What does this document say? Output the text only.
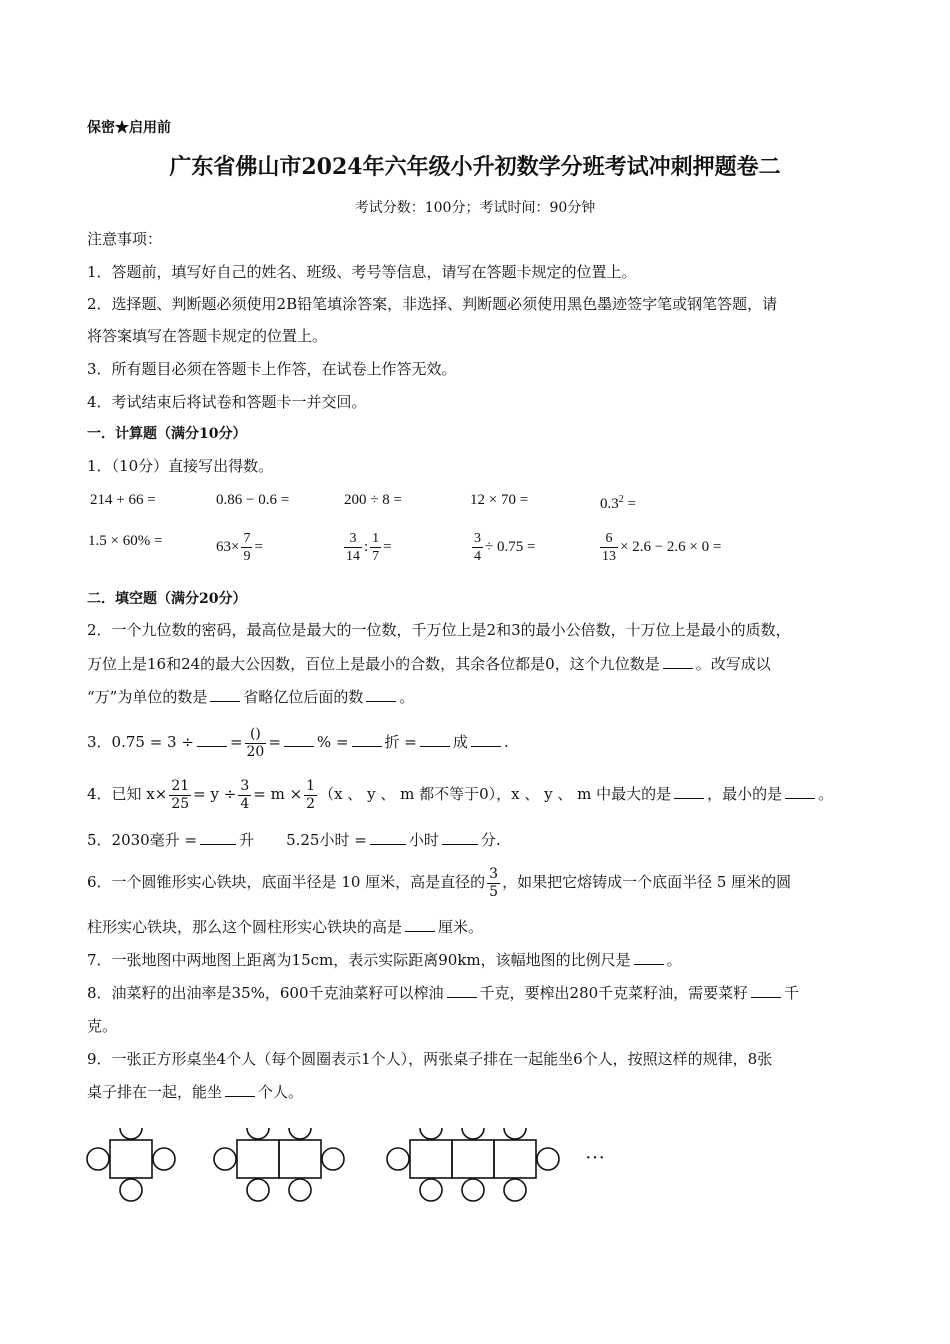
保密★启用前
广东省佛山市2024年六年级小升初数学分班考试冲刺押题卷二
考试分数：100分；考试时间：90分钟
注意事项：
1．答题前，填写好自己的姓名、班级、考号等信息，请写在答题卡规定的位置上。
2．选择题、判断题必须使用2B铅笔填涂答案，非选择、判断题必须使用黑色墨迹签字笔或钢笔答题，请
将答案填写在答题卡规定的位置上。
3．所有题目必须在答题卡上作答，在试卷上作答无效。
4．考试结束后将试卷和答题卡一并交回。
一．计算题（满分10分）
1．（10分）直接写出得数。
214 + 66 =	0.86 − 0.6 =	200 ÷ 8 =	12 × 70 =	$0.3^2$ =
1.5 × 60% =	$63\times \frac{7}{9}$ =	$\frac{3}{14}$ : $\frac{1}{7}$ =	$\frac{3}{4} \div 0.75$ =	$\frac{6}{13} \times 2.6 - 2.6 \times 0$ =
二．填空题（满分20分）
2．一个九位数的密码，最高位是最大的一位数，千万位上是2和3的最小公倍数，十万位上是最小的质数，
万位上是16和24的最大公因数，百位上是最小的合数，其余各位都是0，这个九位数是 。改写成以
“万”为单位的数是 省略亿位后面的数 。
3．0.75 = 3 ÷ = $\frac{()}{20}$ = % = 折 = 成 .
4．已知 $x\times \frac{21}{25} = y \div \frac{3}{4} = m \times \frac{1}{2} (x$ 、 y 、 m 都不等于0），x 、 y 、 m 中最大的是 ，最小的是 。
5．2030毫升 =	升 5.25小时 =	小时	分.
6．一个圆锥形实心铁块，底面半径是 10 厘米，高是直径的 $\frac{3}{5}$ ，如果把它熔铸成一个底面半径 5 厘米的圆
柱形实心铁块，那么这个圆柱形实心铁块的高是 厘米。
7．一张地图中两地图上距离为15cm，表示实际距离90km，该幅地图的比例尺是 。
8．油菜籽的出油率是35%，600千克油菜籽可以榨油 千克，要榨出280千克菜籽油，需要菜籽 千
克。
9．一张正方形桌坐4个人（每个圆圈表示1个人），两张桌子排在一起能坐6个人，按照这样的规律，8张
桌子排在一起，能坐 个人。
···
